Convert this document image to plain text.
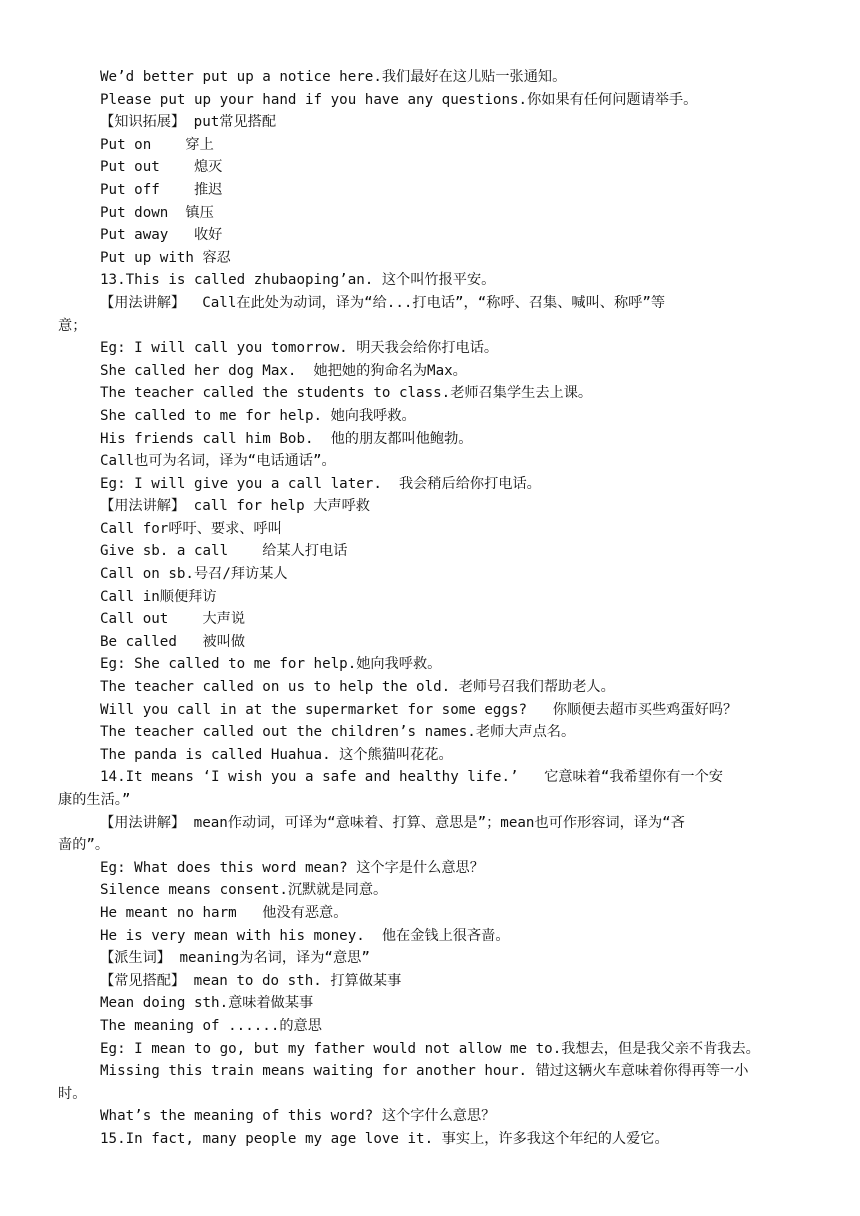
We’d better put up a notice here.我们最好在这儿贴一张通知。
Please put up your hand if you have any questions.你如果有任何问题请举手。
【知识拓展】 put常见搭配
Put on    穿上
Put out    熄灭
Put off    推迟
Put down  镇压
Put away   收好
Put up with 容忍
13.This is called zhubaoping’an. 这个叫竹报平安。
【用法讲解】  Call在此处为动词，译为“给...打电话”，“称呼、召集、喊叫、称呼”等
意；
Eg: I will call you tomorrow. 明天我会给你打电话。
She called her dog Max.  她把她的狗命名为Max。
The teacher called the students to class.老师召集学生去上课。
She called to me for help. 她向我呼救。
His friends call him Bob.  他的朋友都叫他鲍勃。
Call也可为名词，译为“电话通话”。
Eg: I will give you a call later.  我会稍后给你打电话。
【用法讲解】 call for help 大声呼救
Call for呼吁、要求、呼叫
Give sb. a call    给某人打电话
Call on sb.号召/拜访某人
Call in顺便拜访
Call out    大声说
Be called   被叫做
Eg: She called to me for help.她向我呼救。
The teacher called on us to help the old. 老师号召我们帮助老人。
Will you call in at the supermarket for some eggs?   你顺便去超市买些鸡蛋好吗？
The teacher called out the children’s names.老师大声点名。
The panda is called Huahua. 这个熊猫叫花花。
14.It means ‘I wish you a safe and healthy life.’   它意味着“我希望你有一个安
康的生活。”
【用法讲解】 mean作动词，可译为“意味着、打算、意思是”；mean也可作形容词，译为“吝
啬的”。
Eg: What does this word mean? 这个字是什么意思？
Silence means consent.沉默就是同意。
He meant no harm   他没有恶意。
He is very mean with his money.  他在金钱上很吝啬。
【派生词】 meaning为名词，译为“意思”
【常见搭配】 mean to do sth. 打算做某事
Mean doing sth.意味着做某事
The meaning of ......的意思
Eg: I mean to go, but my father would not allow me to.我想去，但是我父亲不肯我去。
Missing this train means waiting for another hour. 错过这辆火车意味着你得再等一小
时。
What’s the meaning of this word? 这个字什么意思？
15.In fact, many people my age love it. 事实上，许多我这个年纪的人爱它。
